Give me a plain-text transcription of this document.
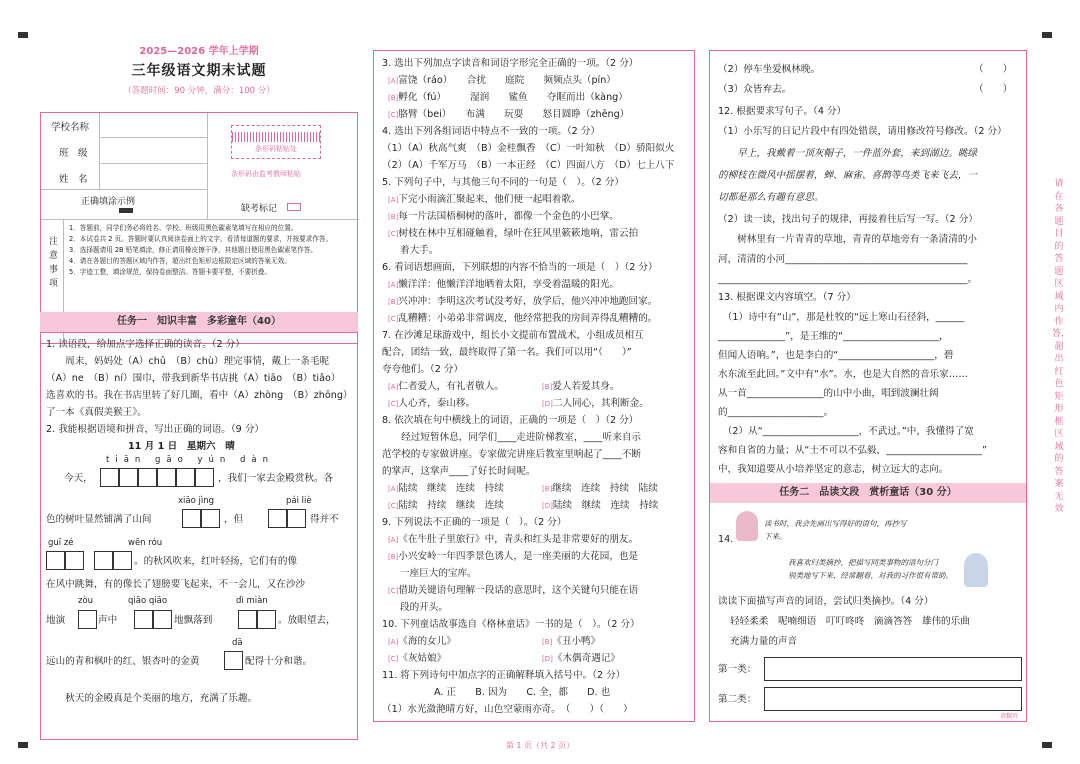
2025—2026 学年上学期
三年级语文期末试题
（答题时间：90 分钟，满分：100 分）
学校名称
班　级
姓　名
条形码粘贴处
条形码由监考教师粘贴
正确填涂示例
缺考标记
注意事项
1．答题前，同学们务必将姓名、学校、班级用黑色碳素笔填写在相应的位置。
2．本试卷共 2 页。答题时要认真阅读卷面上的文字，看清每道题的要求，并按要求作答。
3．选择题请用 2B 铅笔填涂，修正请用橡皮擦干净，其他题目使用黑色碳素笔作答。
4．请在各题目的答题区域内作答，超出红色矩形边框限定区域的答案无效。
5．字迹工整，填涂规范，保持卷面整洁。答题卡要平整，不要折叠。
任务一　知识丰富　多彩童年（40）
1. 读语段，给加点字选择正确的读音。（2 分）
　　周末，妈妈处（A）chǔ　（B）chù）理完事情，戴上一条毛呢
（A）ne　（B）ní）围巾，带我到新华书店挑（A）tiāo　（B）tiǎo）
选喜欢的书。我在书店里转了好几圈，看中（A）zhòng　（B）zhōng）
了一本《真假美猴王》。
2. 我能根据语境和拼音，写出正确的词语。（9 分）
11 月 1 日　星期六　晴
tiān gāo yún dàn
今天，	，我们一家去金殿赏秋。各
xiāo jìng	pái liè
色的树叶显然铺满了山间	，但	得并不
guī zé	wēn róu
。的秋风吹来，红叶轻扬，它们有的像
在风中跳舞，有的像长了翅膀要飞起来，不一会儿，又在沙沙
zòu	qiāo qiāo	dì miàn
地演	声中	地飘落到	。放眼望去，
dā
远山的青和枫叶的红、银杏叶的金黄	配得十分和谐。
　　秋天的金殿真是个美丽的地方，充满了乐趣。
3. 选出下列加点字读音和词语字形完全正确的一项。（2 分）
[A]富饶（ráo）　　合扰　　庭院　　频频点头（pín）
[B]孵化（fú）　　　湿润　　鲨鱼　　夺眶而出（kàng）
[C]胳臂（bei）　　布满　　玩耍　　怒目圆睁（zhēng）
4. 选出下列各组词语中特点不一致的一项。（2 分）
（1）（A）秋高气爽　（B）金桂飘香　（C）一叶知秋　（D）骄阳似火
（2）（A）千军万马　（B）一本正经　（C）四面八方　（D）七上八下
5. 下列句子中，与其他三句不同的一句是（　）。（2 分）
[A]下完小雨滴汇聚起来，他们便一起唱着歌。
[B]每一片法国梧桐树的落叶，都像一个金色的小巴掌。
[C]树枝在林中互相碰触着，绿叶在狂风里簌簌地响，雷云拍
着大手。
6. 看词语想画面，下列联想的内容不恰当的一项是（　）（2 分）
[A]懒洋洋：他懒洋洋地晒着太阳，享受着温暖的阳光。
[B]兴冲冲：李明这次考试没考好，放学后，他兴冲冲地跑回家。
[C]乱糟糟：小弟弟非常调皮，他经常把我的房间弄得乱糟糟的。
7. 在沙滩足球游戏中，组长小文提前布置战术，小组成员相互
配合，团结一致，最终取得了第一名。我们可以用“（　　）”
夸夸他们。（2 分）
[A]仁者爱人，有礼者敬人。	[B]爱人若爱其身。
[C]人心齐，泰山移。	[D]二人同心，其利断金。
8. 依次填在句中横线上的词语，正确的一项是（　）（2 分）
　　经过短暂休息，同学们____走进阶梯教室，____听来自示
范学校的专家做讲座。专家做完讲座后教室里响起了____不断
的掌声，这掌声____了好长时间呢。
[A]陆续　继续　连续　持续	[B]继续　连续　持续　陆续
[C]陆续　持续　继续　连续	[D]陆续　继续　连续　持续
9. 下列说法不正确的一项是（　）。（2 分）
[A]《在牛肚子里旅行》中，青头和红头是非常要好的朋友。
[B]小兴安岭一年四季景色诱人，是一座美丽的大花园，也是
一座巨大的宝库。
[C]借助关键语句理解一段话的意思时，这个关键句只能在语
段的开头。
10. 下列童话故事选自《格林童话》一书的是（　）。（2 分）
[A]《海的女儿》	[B]《丑小鸭》
[C]《灰姑娘》	[D]《木偶奇遇记》
11. 将下列诗句中加点字的正确解释填入括号中。（2 分）
A. 正　　B. 因为　　C. 全，都　　D. 也
（1）水光潋滟晴方好，山色空蒙雨亦奇。　（　　）（　　）
（2）停车坐爱枫林晚。	（　　）
（3）众皆弃去。	（　　）
12. 根据要求写句子。（4 分）
（1）小乐写的日记片段中有四处错误，请用修改符号修改。（2 分）
　　早上，我戴着一顶灰帽子，一件蓝外套，来到湖边。眺绿
的柳枝在微风中摇摆着，蝉、麻雀、喜鹊等鸟类飞来飞去，一
切都是那么有趣有意思。
（2）读一读，找出句子的规律，再接着往后写一写。（2 分）
　　树林里有一片青青的草地，青青的草地旁有一条清清的小
河，清清的小河______________________________________
____________________________________________________。
13. 根据课文内容填空。（7 分）
　（1）诗中有“山”，那是杜牧的“远上寒山石径斜，______
______________”，是王维的“____________________，
但闻人语响。”，也是李白的“____________________，碧
水东流至此回。”文中有“水”。水，也是大自然的音乐家……
从一首________________的山中小曲，唱到波澜壮阔
的____________________。
　（2）从“____________________，不武过。”中，我懂得了宽
容和自省的力量；从“士不可以不弘毅，____________________”
中，我知道要从小培养坚定的意志，树立远大的志向。
任务二　品读文段　赏析童话（30 分）
14.
读书时，我会先画出写得好的语句，再抄写
下来。
我喜欢归类摘抄，把描写同类事物的语句分门
别类地写下来，经常翻看，对我的习作很有帮助。
读读下面描写声音的词语，尝试归类摘抄。（4 分）
轻轻柔柔　呢喃细语　叮叮咚咚　滴滴答答　雄伟的乐曲
充满力量的声音
第一类：
第二类：
请翻页
请在各题目的答题区域内作答，超出红色矩形框区域的答案无效
第 1 页（共 2 页）
